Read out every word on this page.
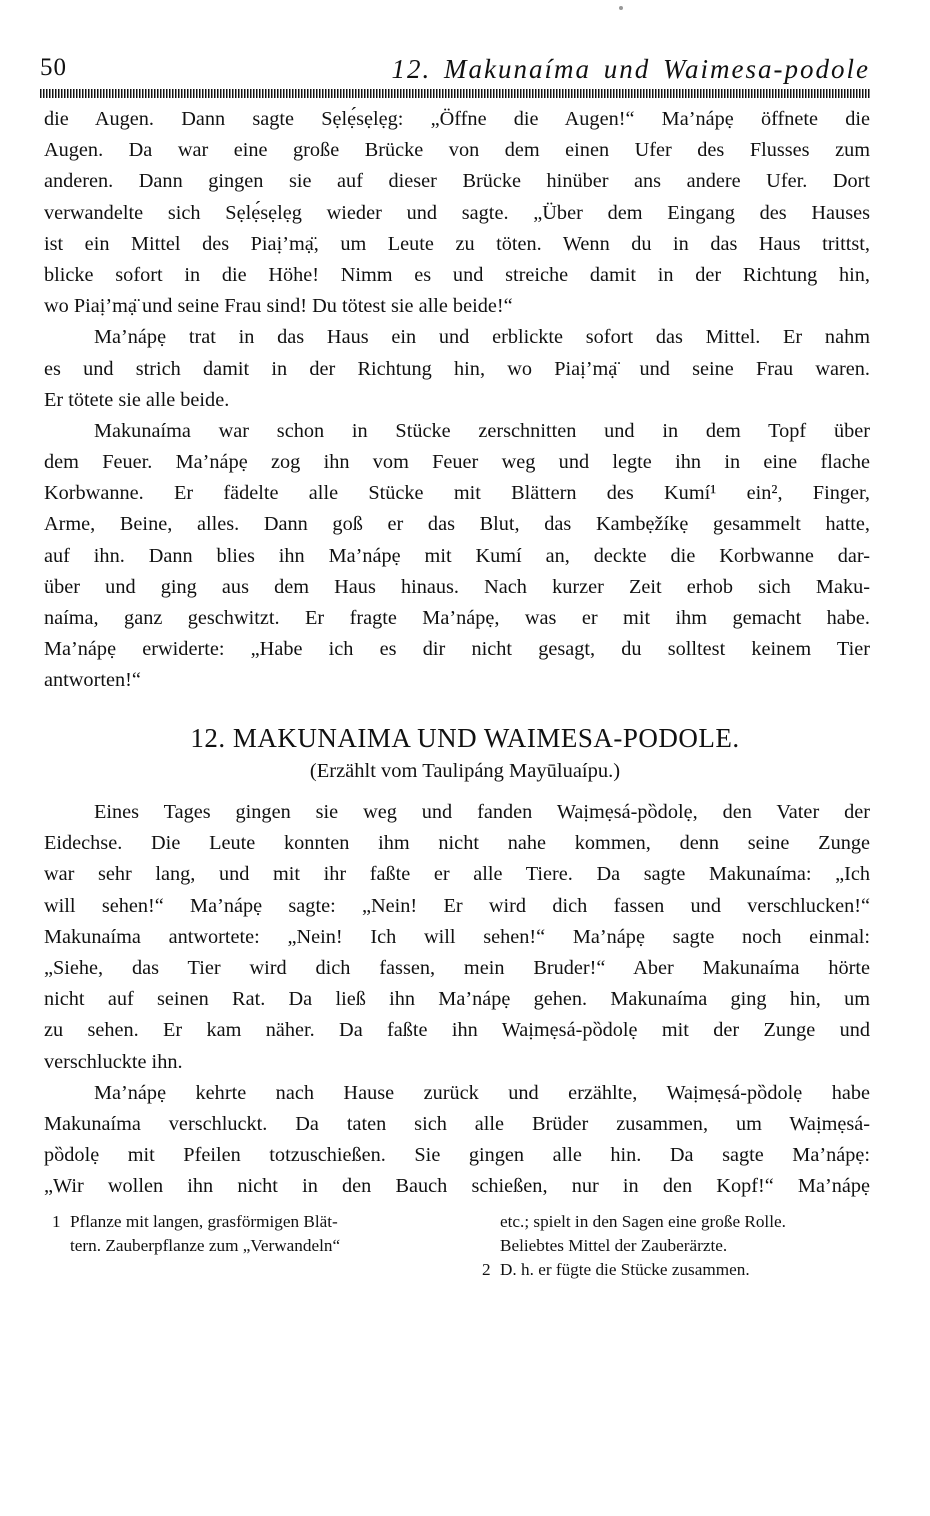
50	12. Makunaíma und Waimesa-podole
die Augen. Dann sagte Sẹlẹ́sẹlẹg: „Öffne die Augen!“ Ma’nápẹ öffnete die
Augen. Da war eine große Brücke von dem einen Ufer des Flusses zum
anderen. Dann gingen sie auf dieser Brücke hinüber ans andere Ufer. Dort
verwandelte sich Sẹlẹ́sẹlẹg wieder und sagte. „Über dem Eingang des Hauses
ist ein Mittel des Piaị’mạ̈, um Leute zu töten. Wenn du in das Haus trittst,
blicke sofort in die Höhe! Nimm es und streiche damit in der Richtung hin,
wo Piaị’mạ̈ und seine Frau sind! Du tötest sie alle beide!“
Ma’nápẹ trat in das Haus ein und erblickte sofort das Mittel. Er nahm
es und strich damit in der Richtung hin, wo Piaị’mạ̈ und seine Frau waren.
Er tötete sie alle beide.
Makunaíma war schon in Stücke zerschnitten und in dem Topf über
dem Feuer. Ma’nápẹ zog ihn vom Feuer weg und legte ihn in eine flache
Korbwanne. Er fädelte alle Stücke mit Blättern des Kumí¹ ein², Finger,
Arme, Beine, alles. Dann goß er das Blut, das Kambẹžíkẹ gesammelt hatte,
auf ihn. Dann blies ihn Ma’nápẹ mit Kumí an, deckte die Korbwanne dar-
über und ging aus dem Haus hinaus. Nach kurzer Zeit erhob sich Maku-
naíma, ganz geschwitzt. Er fragte Ma’nápẹ, was er mit ihm gemacht habe.
Ma’nápẹ erwiderte: „Habe ich es dir nicht gesagt, du solltest keinem Tier
antworten!“
12. MAKUNAIMA UND WAIMESA-PODOLE.
(Erzählt vom Taulipáng Mayūluaípu.)
Eines Tages gingen sie weg und fanden Waịmẹsá-pȍdolẹ, den Vater der
Eidechse. Die Leute konnten ihm nicht nahe kommen, denn seine Zunge
war sehr lang, und mit ihr faßte er alle Tiere. Da sagte Makunaíma: „Ich
will sehen!“ Ma’nápẹ sagte: „Nein! Er wird dich fassen und verschlucken!“
Makunaíma antwortete: „Nein! Ich will sehen!“ Ma’nápẹ sagte noch einmal:
„Siehe, das Tier wird dich fassen, mein Bruder!“ Aber Makunaíma hörte
nicht auf seinen Rat. Da ließ ihn Ma’nápẹ gehen. Makunaíma ging hin, um
zu sehen. Er kam näher. Da faßte ihn Waịmẹsá-pȍdolẹ mit der Zunge und
verschluckte ihn.
Ma’nápẹ kehrte nach Hause zurück und erzählte, Waịmẹsá-pȍdolẹ habe
Makunaíma verschluckt. Da taten sich alle Brüder zusammen, um Waịmẹsá-
pȍdolẹ mit Pfeilen totzuschießen. Sie gingen alle hin. Da sagte Ma’nápẹ:
„Wir wollen ihn nicht in den Bauch schießen, nur in den Kopf!“ Ma’nápẹ
1 Pflanze mit langen, grasförmigen Blät-
tern. Zauberpflanze zum „Verwandeln“
etc.; spielt in den Sagen eine große Rolle.
Beliebtes Mittel der Zauberärzte.
2 D. h. er fügte die Stücke zusammen.
